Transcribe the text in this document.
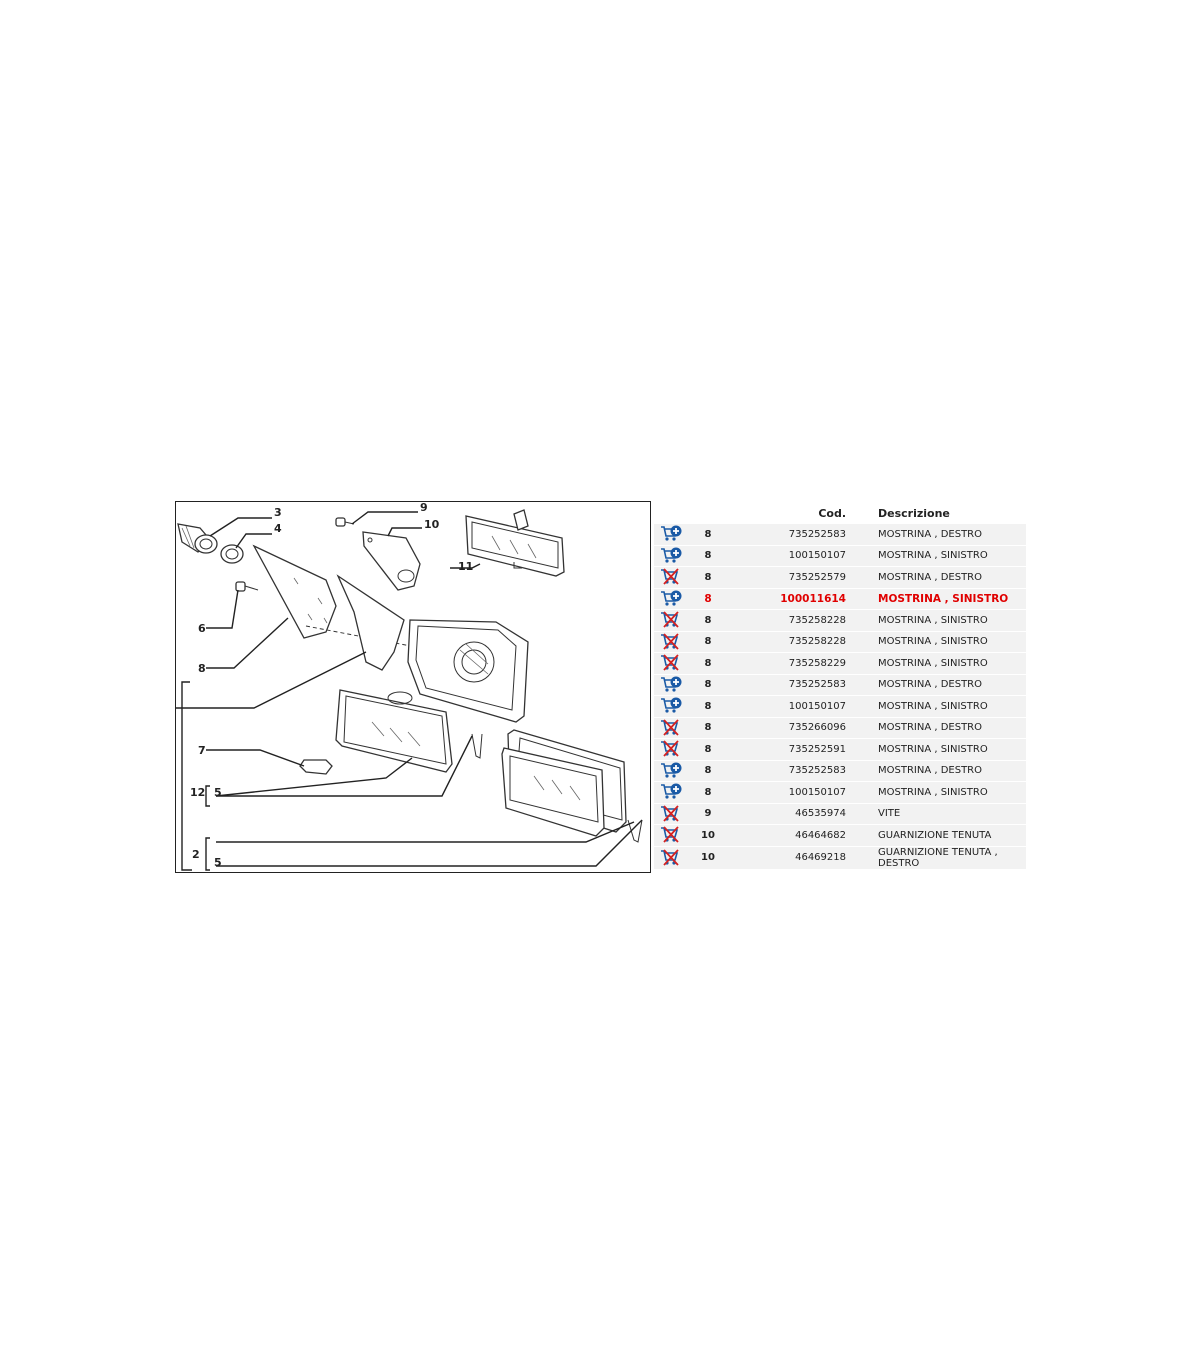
3
4
9
10
11
6
8
7
12 5
2
5
		Cod.	Descrizione
	8	735252583	MOSTRINA , DESTRO
	8	100150107	MOSTRINA , SINISTRO
	8	735252579	MOSTRINA , DESTRO
	8	100011614	MOSTRINA , SINISTRO
	8	735258228	MOSTRINA , SINISTRO
	8	735258228	MOSTRINA , SINISTRO
	8	735258229	MOSTRINA , SINISTRO
	8	735252583	MOSTRINA , DESTRO
	8	100150107	MOSTRINA , SINISTRO
	8	735266096	MOSTRINA , DESTRO
	8	735252591	MOSTRINA , SINISTRO
	8	735252583	MOSTRINA , DESTRO
	8	100150107	MOSTRINA , SINISTRO
	9	46535974	VITE
	10	46464682	GUARNIZIONE TENUTA
	10	46469218	GUARNIZIONE TENUTA , DESTRO
